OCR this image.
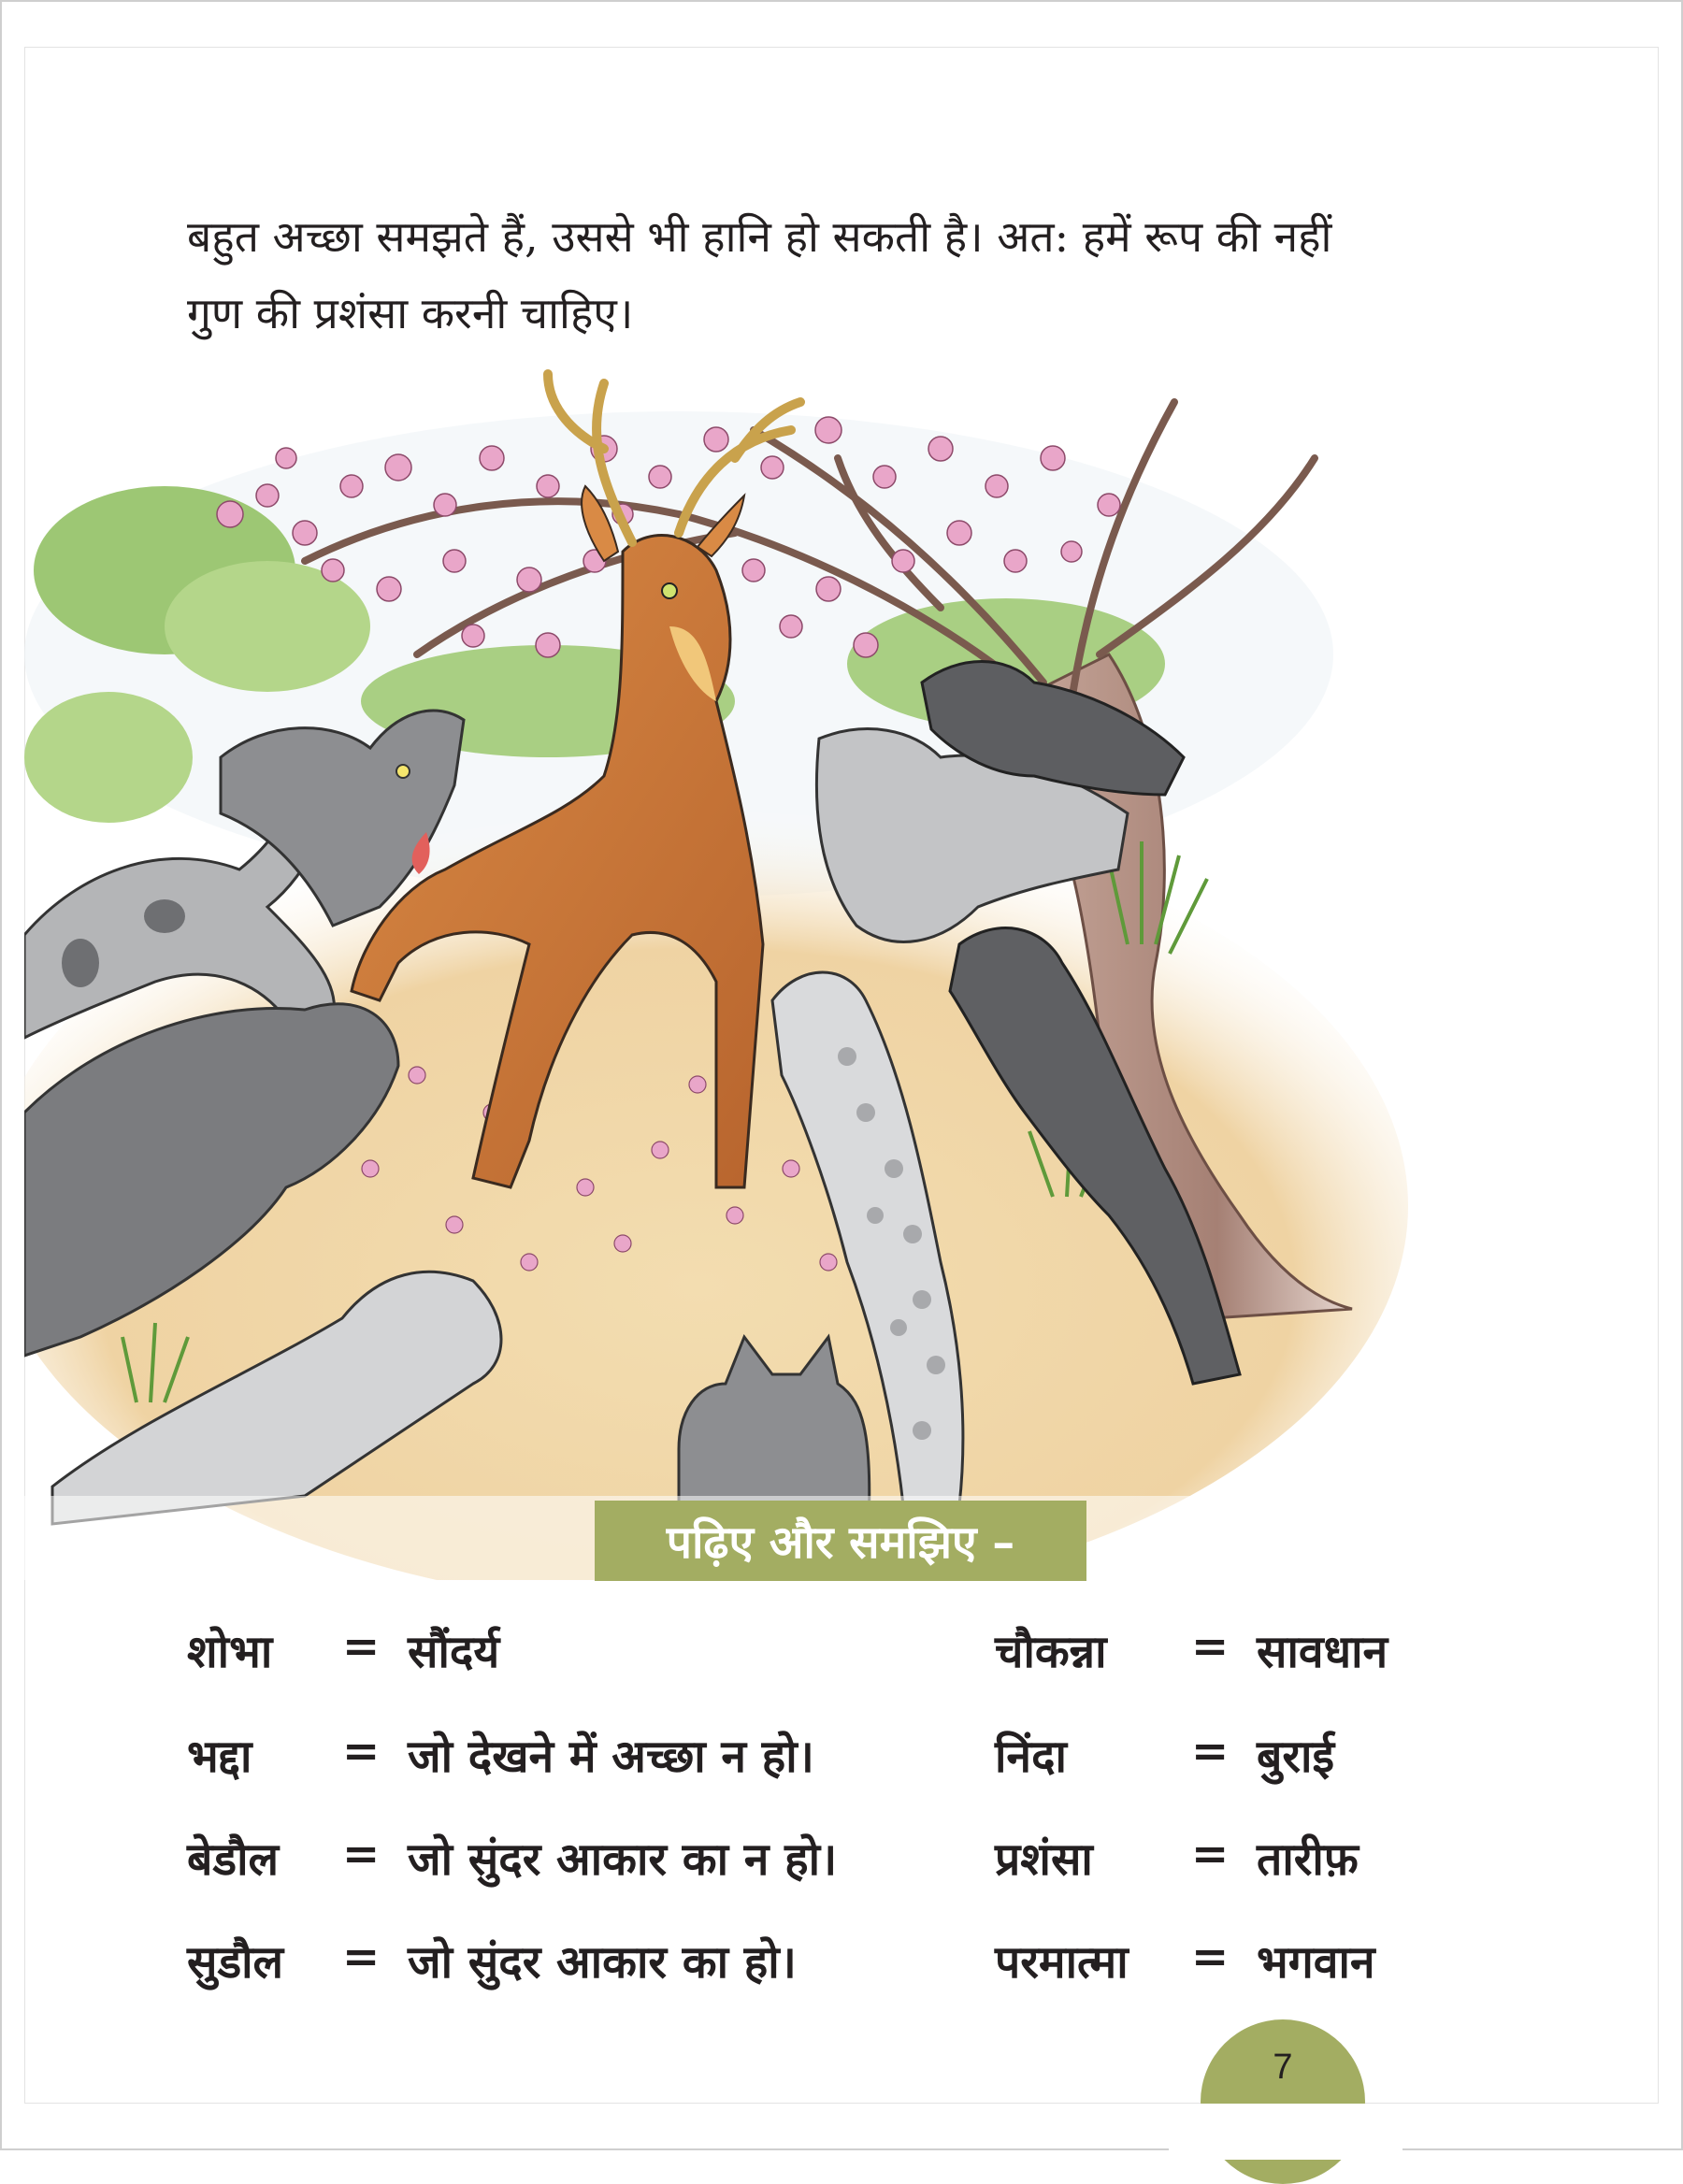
बहुत अच्छा समझते हैं, उससे भी हानि हो सकती है। अत: हमें रूप की नहीं
गुण की प्रशंसा करनी चाहिए।
पढ़िए और समझिए –
शोभा = सौंदर्य
भद्दा = जो देखने में अच्छा न हो।
बेडौल = जो सुंदर आकार का न हो।
सुडौल = जो सुंदर आकार का हो।
चौकन्ना = सावधान
निंदा	= बुराई
प्रशंसा = तारीफ़
परमात्मा = भगवान
7
